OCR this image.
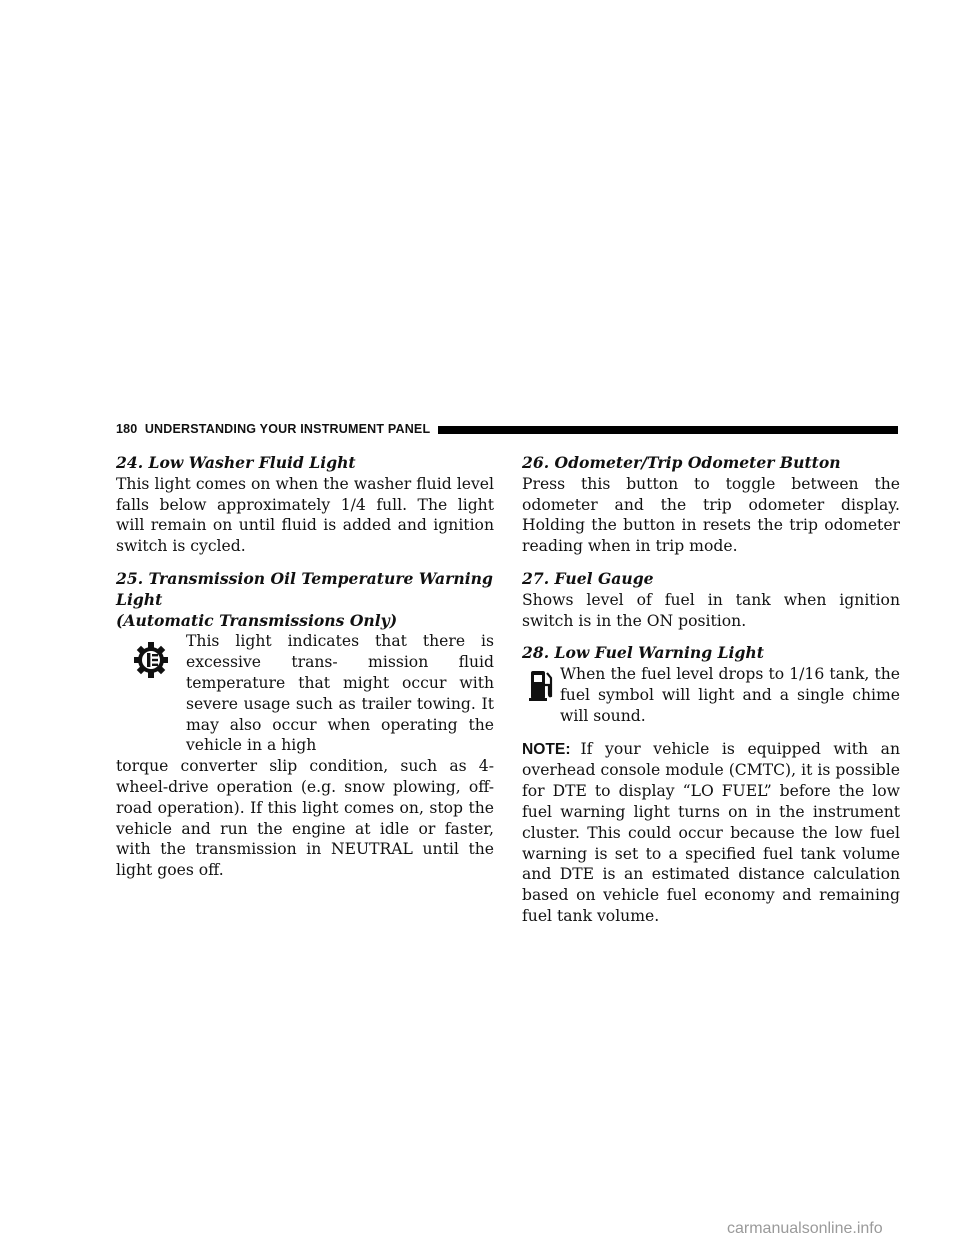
180 UNDERSTANDING YOUR INSTRUMENT PANEL
24. Low Washer Fluid Light

This light comes on when the washer fluid level falls below approximately 1/4 full. The light will remain on until fluid is added and ignition switch is cycled.

25. Transmission Oil Temperature Warning Light
(Automatic Transmissions Only)

This light indicates that there is excessive trans- mission fluid temperature that might occur with severe usage such as trailer towing. It may also occur when operating the vehicle in a high

torque converter slip condition, such as 4-wheel-drive operation (e.g. snow plowing, off- road operation). If this light comes on, stop the vehicle and run the engine at idle or faster, with the transmission in NEUTRAL until the light goes off.

26. Odometer/Trip Odometer Button

Press this button to toggle between the odometer and the trip odometer display. Holding the button in resets the trip odometer reading when in trip mode.

27. Fuel Gauge

Shows level of fuel in tank when ignition switch is in the ON position.

28. Low Fuel Warning Light

When the fuel level drops to 1/16 tank, the fuel symbol will light and a single chime will sound.

NOTE: If your vehicle is equipped with an overhead console module (CMTC), it is possible for DTE to display “LO FUEL” before the low fuel warning light turns on in the instrument cluster. This could occur because the low fuel warning is set to a specified fuel tank volume and DTE is an estimated distance calculation based on vehicle fuel economy and remaining fuel tank volume.

carmanualsonline.info
